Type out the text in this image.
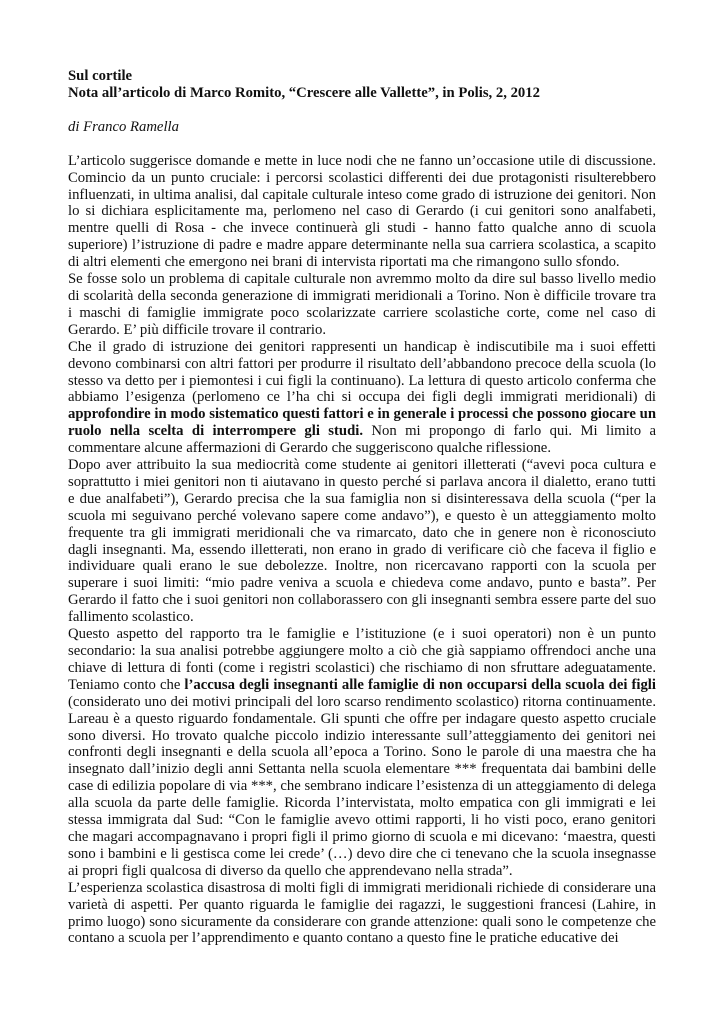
Sul cortile
Nota all’articolo di Marco Romito, “Crescere alle Vallette”, in Polis, 2, 2012
di Franco Ramella

L’articolo suggerisce domande e mette in luce nodi che ne fanno un’occasione utile di discussione. Comincio da un punto cruciale: i percorsi scolastici differenti dei due protagonisti risulterebbero influenzati, in ultima analisi, dal capitale culturale inteso come grado di istruzione dei genitori. Non lo si dichiara esplicitamente ma, perlomeno nel caso di Gerardo (i cui genitori sono analfabeti, mentre quelli di Rosa - che invece continuerà gli studi - hanno fatto qualche anno di scuola superiore) l’istruzione di padre e madre appare determinante nella sua carriera scolastica, a scapito di altri elementi che emergono nei brani di intervista riportati ma che rimangono sullo sfondo.

Se fosse solo un problema di capitale culturale non avremmo molto da dire sul basso livello medio di scolarità della seconda generazione di immigrati meridionali a Torino. Non è difficile trovare tra i maschi di famiglie immigrate poco scolarizzate carriere scolastiche corte, come nel caso di Gerardo. E’ più difficile trovare il contrario.

Che il grado di istruzione dei genitori rappresenti un handicap è indiscutibile ma i suoi effetti devono combinarsi con altri fattori per produrre il risultato dell’abbandono precoce della scuola (lo stesso va detto per i piemontesi i cui figli la continuano). La lettura di questo articolo conferma che abbiamo l’esigenza (perlomeno ce l’ha chi si occupa dei figli degli immigrati meridionali) di approfondire in modo sistematico questi fattori e in generale i processi che possono giocare un ruolo nella scelta di interrompere gli studi. Non mi propongo di farlo qui. Mi limito a commentare alcune affermazioni di Gerardo che suggeriscono qualche riflessione.

Dopo aver attribuito la sua mediocrità come studente ai genitori illetterati (“avevi poca cultura e soprattutto i miei genitori non ti aiutavano in questo perché si parlava ancora il dialetto, erano tutti e due analfabeti”), Gerardo precisa che la sua famiglia non si disinteressava della scuola (“per la scuola mi seguivano perché volevano sapere come andavo”), e questo è un atteggiamento molto frequente tra gli immigrati meridionali che va rimarcato, dato che in genere non è riconosciuto dagli insegnanti. Ma, essendo illetterati, non erano in grado di verificare ciò che faceva il figlio e individuare quali erano le sue debolezze. Inoltre, non ricercavano rapporti con la scuola per superare i suoi limiti: “mio padre veniva a scuola e chiedeva come andavo, punto e basta”. Per Gerardo il fatto che i suoi genitori non collaborassero con gli insegnanti sembra essere parte del suo fallimento scolastico.

Questo aspetto del rapporto tra le famiglie e l’istituzione (e i suoi operatori) non è un punto secondario: la sua analisi potrebbe aggiungere molto a ciò che già sappiamo offrendoci anche una chiave di lettura di fonti (come i registri scolastici) che rischiamo di non sfruttare adeguatamente. Teniamo conto che l’accusa degli insegnanti alle famiglie di non occuparsi della scuola dei figli (considerato uno dei motivi principali del loro scarso rendimento scolastico) ritorna continuamente. Lareau è a questo riguardo fondamentale. Gli spunti che offre per indagare questo aspetto cruciale sono diversi. Ho trovato qualche piccolo indizio interessante sull’atteggiamento dei genitori nei confronti degli insegnanti e della scuola all’epoca a Torino. Sono le parole di una maestra che ha insegnato dall’inizio degli anni Settanta nella scuola elementare *** frequentata dai bambini delle case di edilizia popolare di via ***, che sembrano indicare l’esistenza di un atteggiamento di delega alla scuola da parte delle famiglie. Ricorda l’intervistata, molto empatica con gli immigrati e lei stessa immigrata dal Sud: “Con le famiglie avevo ottimi rapporti, li ho visti poco, erano genitori che magari accompagnavano i propri figli il primo giorno di scuola e mi dicevano: ‘maestra, questi sono i bambini e li gestisca come lei crede’ (…) devo dire che ci tenevano che la scuola insegnasse ai propri figli qualcosa di diverso da quello che apprendevano nella strada”.

L’esperienza scolastica disastrosa di molti figli di immigrati meridionali richiede di considerare una varietà di aspetti. Per quanto riguarda le famiglie dei ragazzi, le suggestioni francesi (Lahire, in primo luogo) sono sicuramente da considerare con grande attenzione: quali sono le competenze che contano a scuola per l’apprendimento e quanto contano a questo fine le pratiche educative dei
